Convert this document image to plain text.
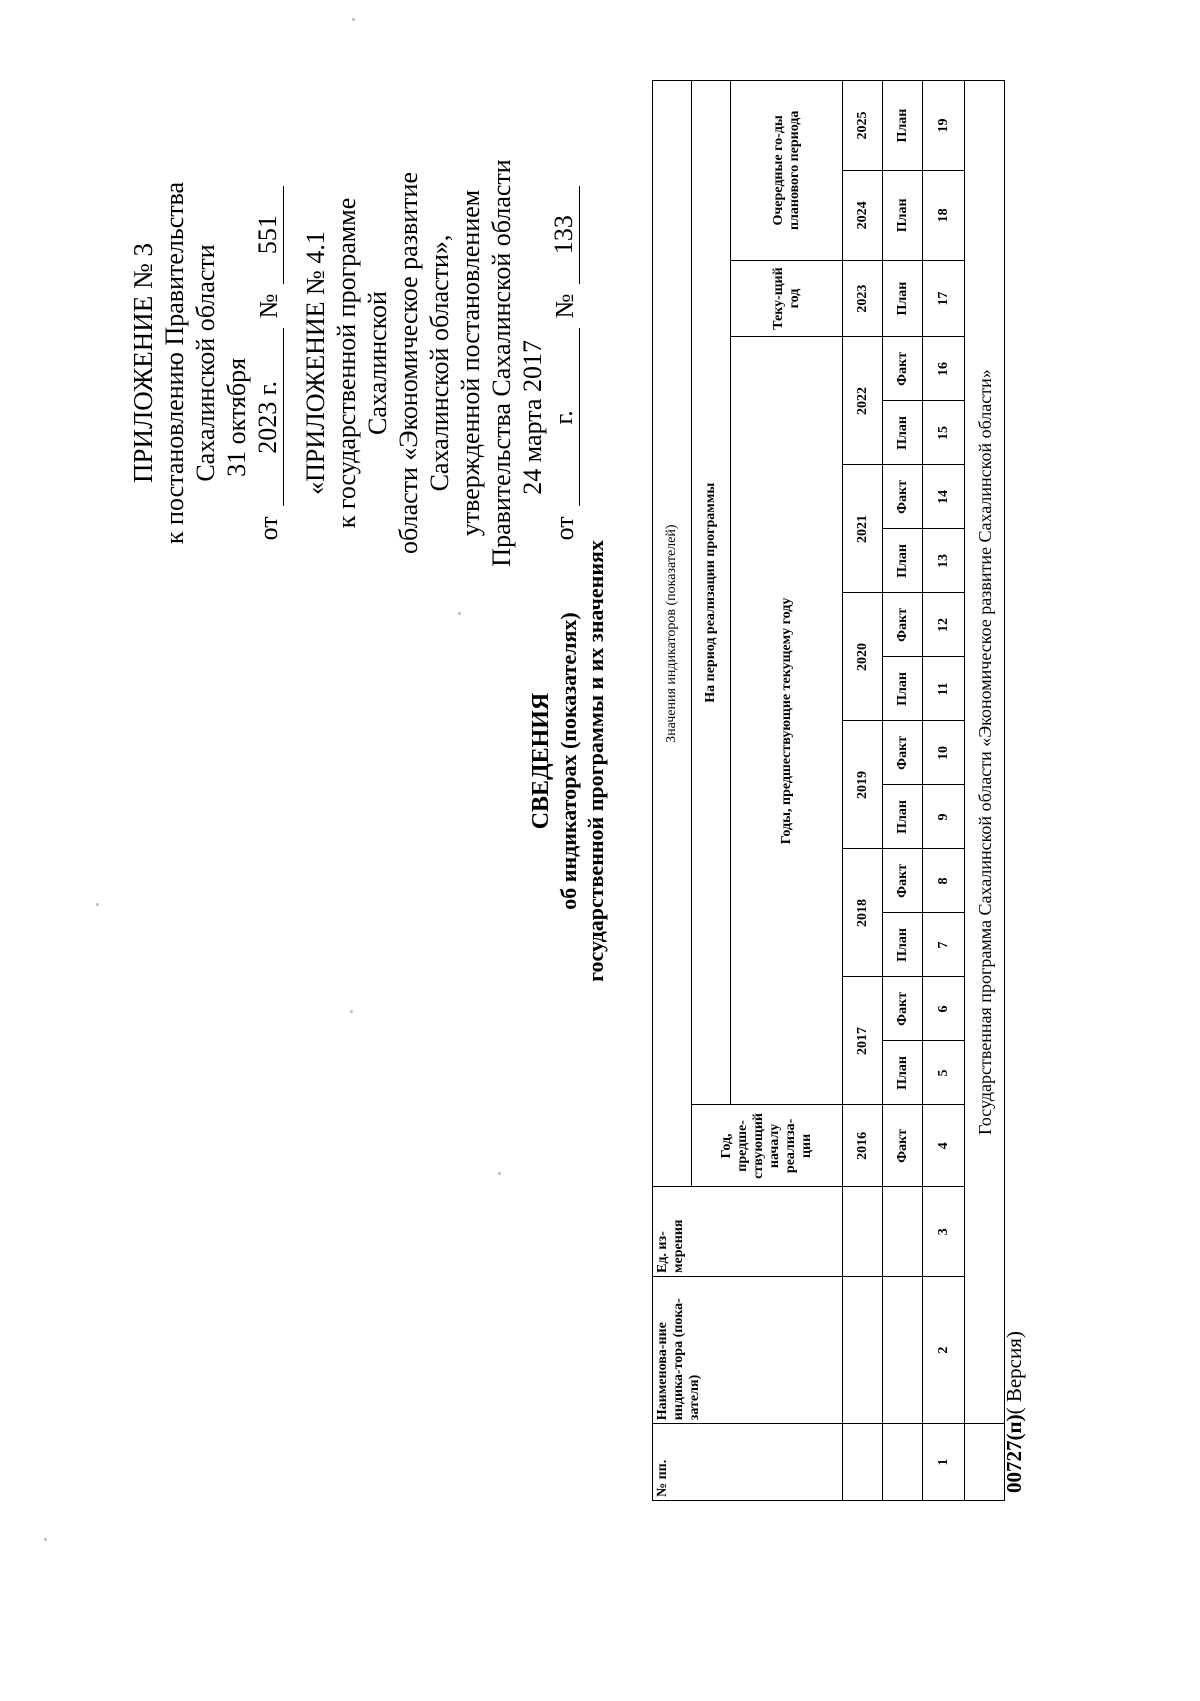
ПРИЛОЖЕНИЕ № 3 к постановлению Правительства Сахалинской области
от
31 октября 2023 г.
№
551 «ПРИЛОЖЕНИЕ № 4.1 к государственной программе Сахалинской области «Экономическое развитие Сахалинской области», утвержденной постановлением Правительства Сахалинской области от
24 марта 2017 г.
№
133
СВЕДЕНИЯ об индикаторах (показателях) государственной программы и их значениях
№ пп.	Наименова-ние индика-тора (пока-зателя)	Ед. из-мерения	Значения индикаторов (показателей)															
			Год, предше-ствующий началу реализа-ции	На период реализации программы														
				Годы, предшествующие текущему году												Теку-щий год	Очередные го-ды планового периода	
			2016	2017		2018		2019		2020		2021		2022		2023	2024	2025
			Факт	План	Факт	План	Факт	План	Факт	План	Факт	План	Факт	План	Факт	План	План	План
1	2	3	4	5	6	7	8	9	10	11	12	13	14	15	16	17	18	19
	Государственная программа Сахалинской области «Экономическое развитие Сахалинской области»																	
00727(п)( Версия)
